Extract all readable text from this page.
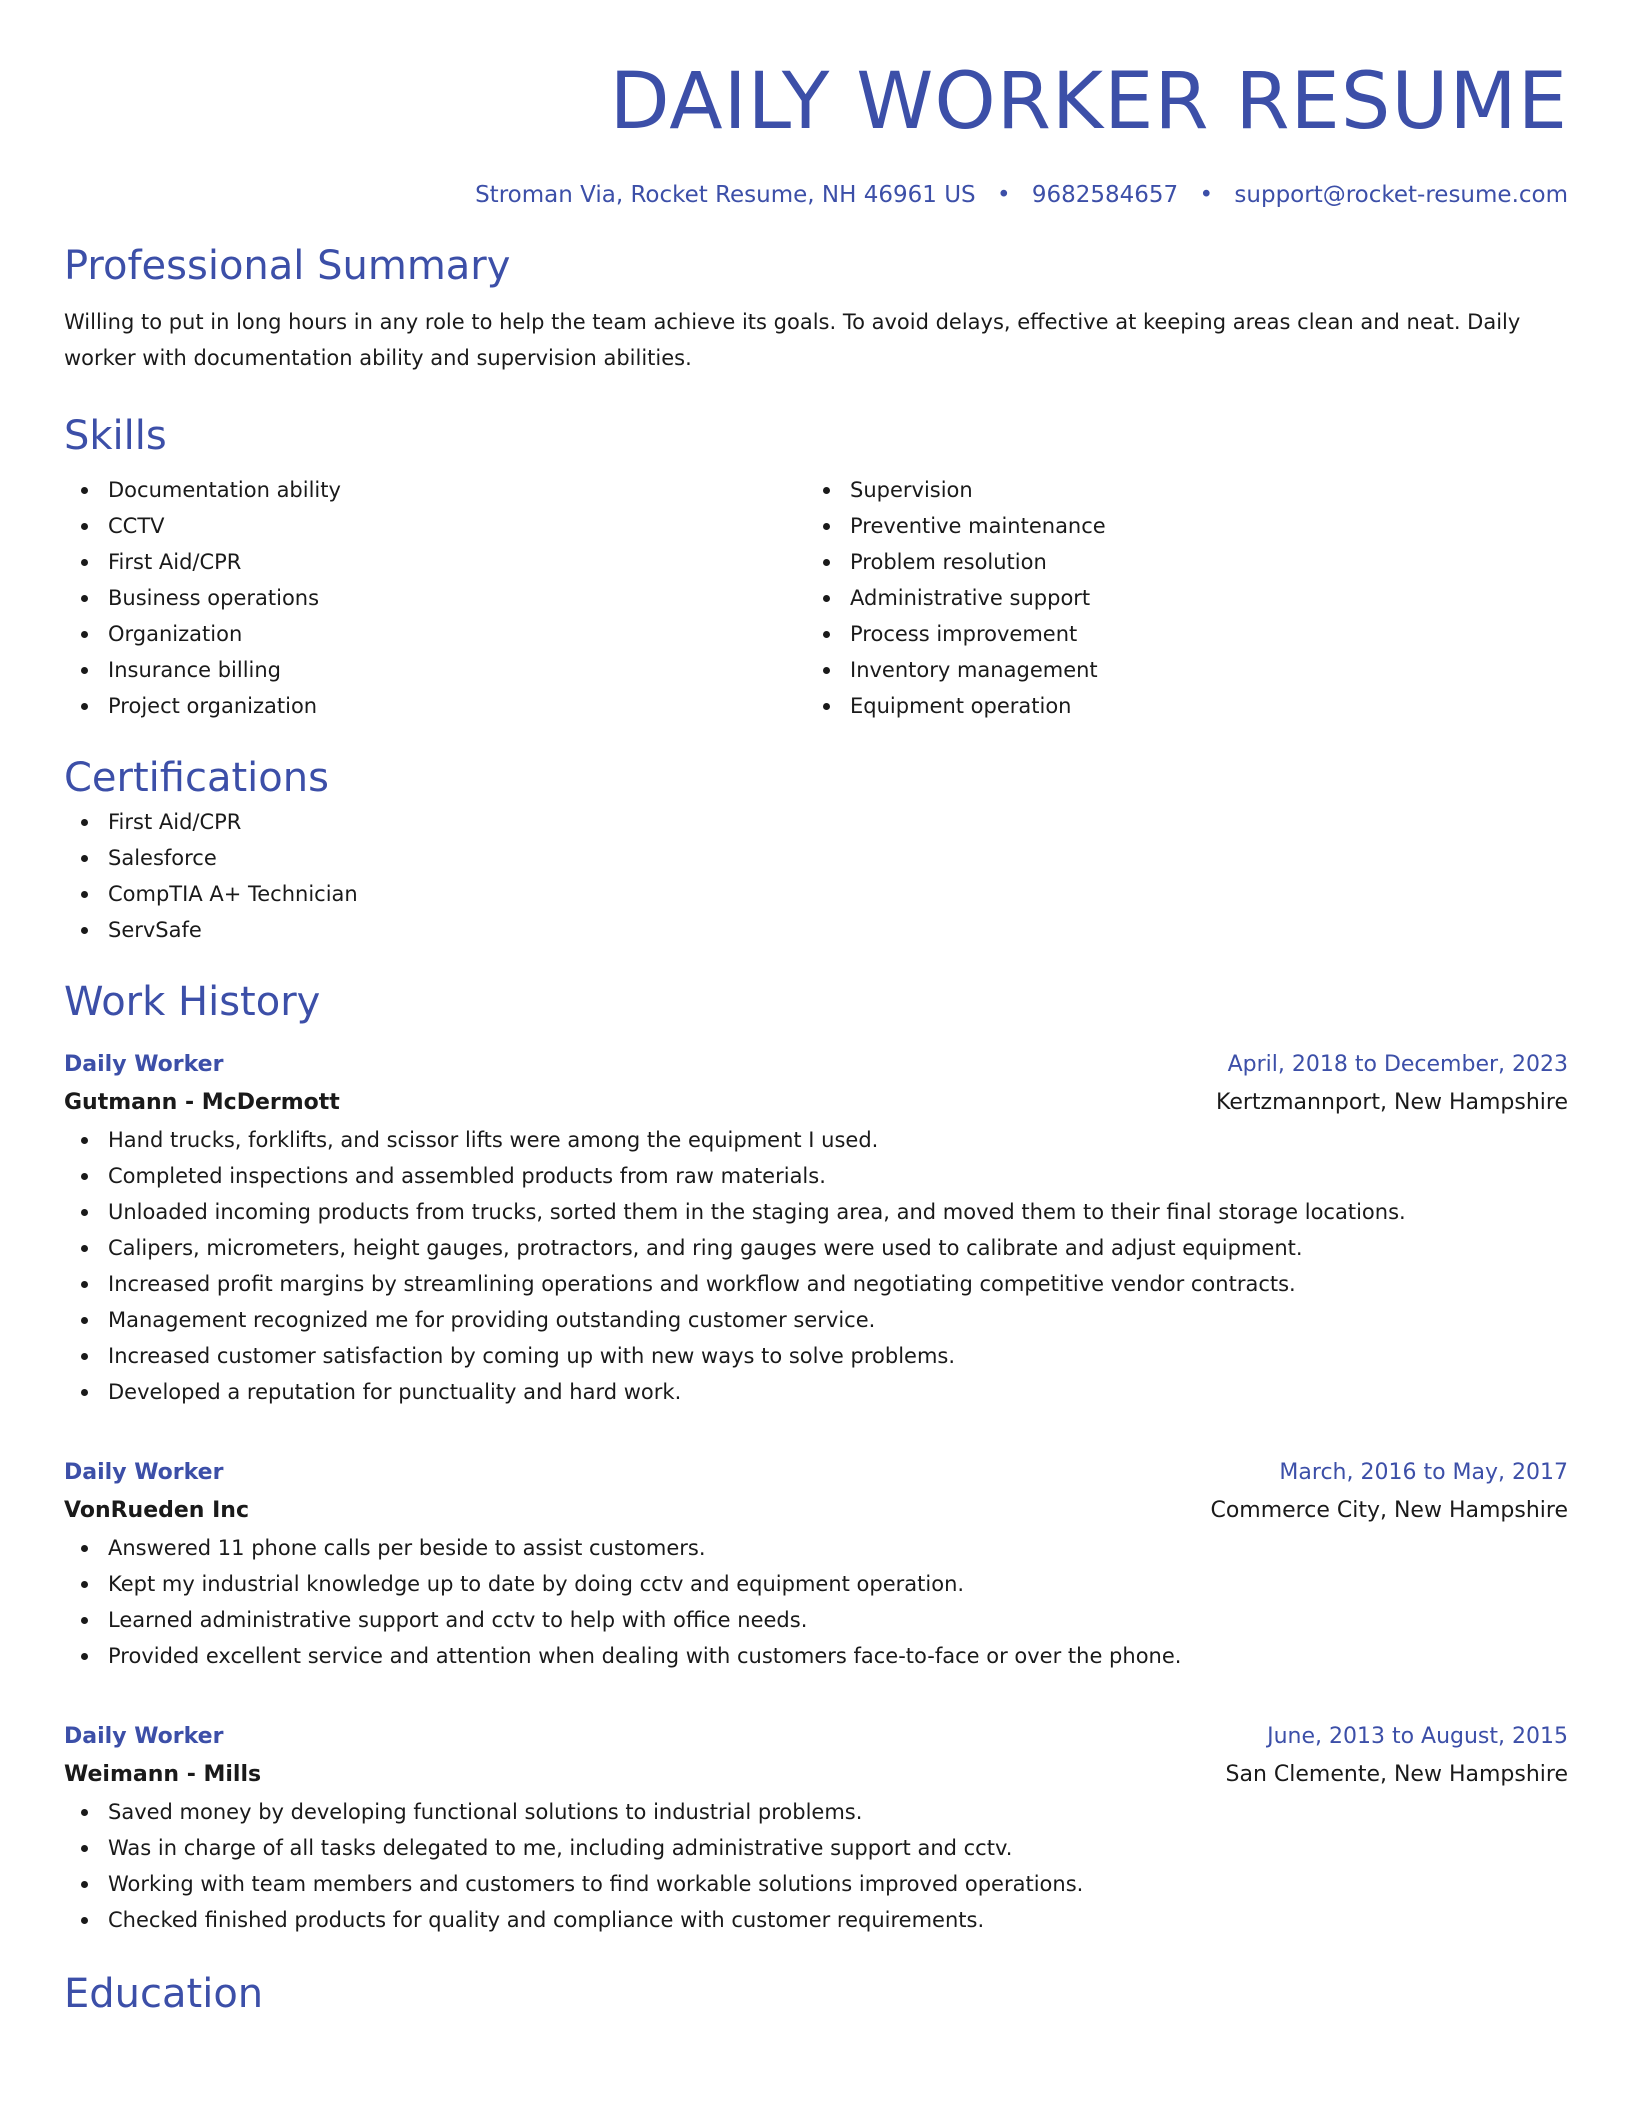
DAILY WORKER RESUME
Stroman Via, Rocket Resume, NH 46961 US • 9682584657 • support@rocket-resume.com
Professional Summary
Willing to put in long hours in any role to help the team achieve its goals. To avoid delays, effective at keeping areas clean and neat. Daily worker with documentation ability and supervision abilities.
Skills
Documentation ability
CCTV
First Aid/CPR
Business operations
Organization
Insurance billing
Project organization
Supervision
Preventive maintenance
Problem resolution
Administrative support
Process improvement
Inventory management
Equipment operation
Certifications
First Aid/CPR
Salesforce
CompTIA A+ Technician
ServSafe
Work History
Daily Worker	April, 2018 to December, 2023
Gutmann - McDermott	Kertzmannport, New Hampshire
Hand trucks, forklifts, and scissor lifts were among the equipment I used.
Completed inspections and assembled products from raw materials.
Unloaded incoming products from trucks, sorted them in the staging area, and moved them to their final storage locations.
Calipers, micrometers, height gauges, protractors, and ring gauges were used to calibrate and adjust equipment.
Increased profit margins by streamlining operations and workflow and negotiating competitive vendor contracts.
Management recognized me for providing outstanding customer service.
Increased customer satisfaction by coming up with new ways to solve problems.
Developed a reputation for punctuality and hard work.
Daily Worker	March, 2016 to May, 2017
VonRueden Inc	Commerce City, New Hampshire
Answered 11 phone calls per beside to assist customers.
Kept my industrial knowledge up to date by doing cctv and equipment operation.
Learned administrative support and cctv to help with office needs.
Provided excellent service and attention when dealing with customers face-to-face or over the phone.
Daily Worker	June, 2013 to August, 2015
Weimann - Mills	San Clemente, New Hampshire
Saved money by developing functional solutions to industrial problems.
Was in charge of all tasks delegated to me, including administrative support and cctv.
Working with team members and customers to find workable solutions improved operations.
Checked finished products for quality and compliance with customer requirements.
Education
